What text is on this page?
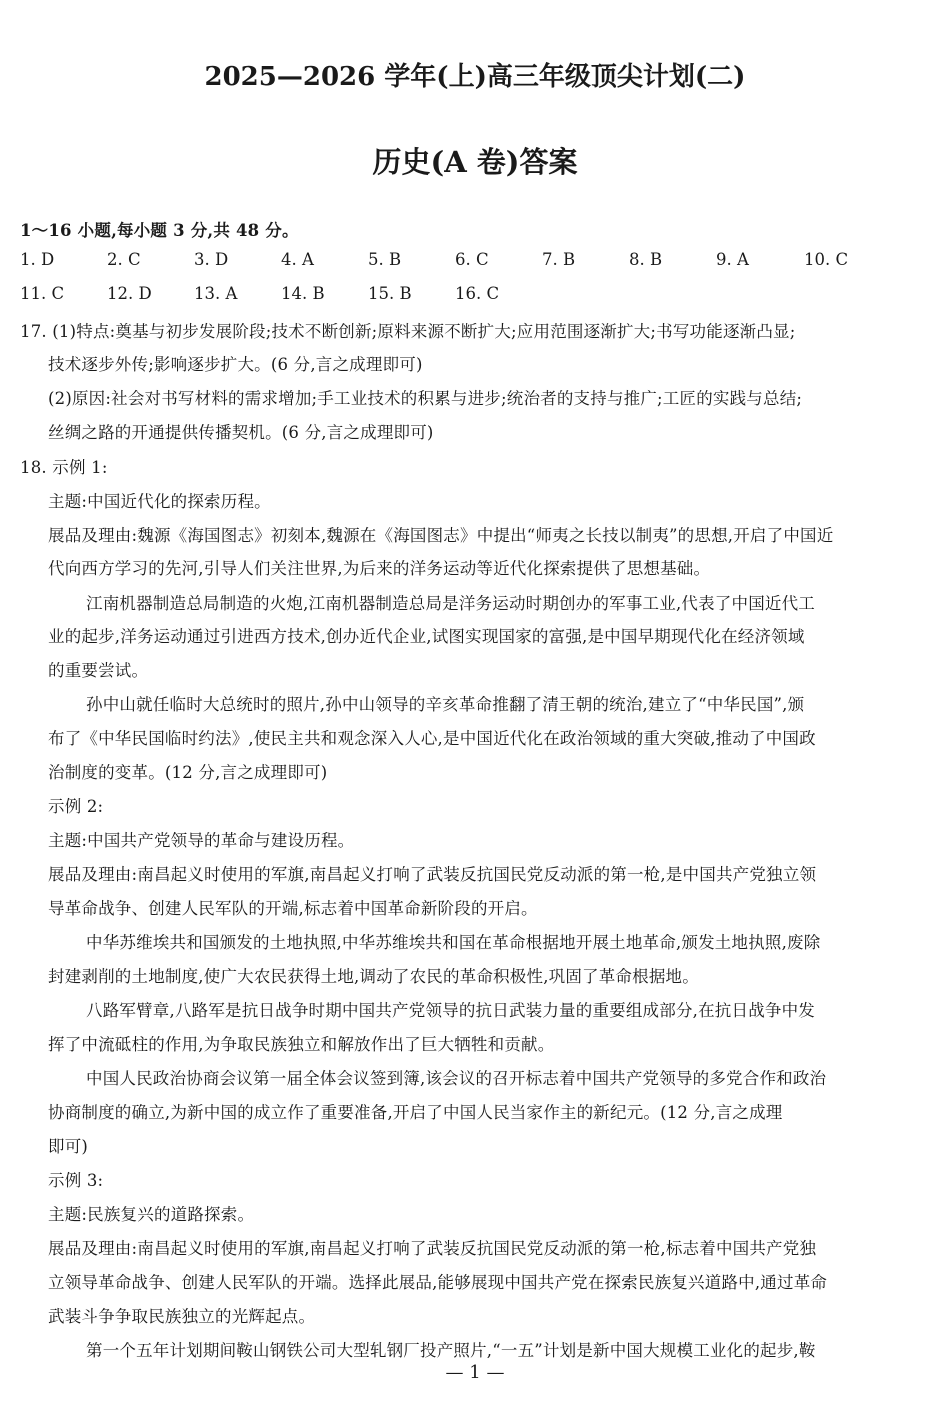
2025—2026 学年(上)高三年级顶尖计划(二)
历史(A 卷)答案
1～16 小题,每小题 3 分,共 48 分。
1. D	2. C	3. D	4. A	5. B	6. C	7. B	8. B	9. A	10. C
11. C	12. D	13. A	14. B	15. B	16. C
17. (1)特点:奠基与初步发展阶段;技术不断创新;原料来源不断扩大;应用范围逐渐扩大;书写功能逐渐凸显;
技术逐步外传;影响逐步扩大。(6 分,言之成理即可)
(2)原因:社会对书写材料的需求增加;手工业技术的积累与进步;统治者的支持与推广;工匠的实践与总结;
丝绸之路的开通提供传播契机。(6 分,言之成理即可)
18. 示例 1:
主题:中国近代化的探索历程。
展品及理由:魏源《海国图志》初刻本,魏源在《海国图志》中提出“师夷之长技以制夷”的思想,开启了中国近
代向西方学习的先河,引导人们关注世界,为后来的洋务运动等近代化探索提供了思想基础。
江南机器制造总局制造的火炮,江南机器制造总局是洋务运动时期创办的军事工业,代表了中国近代工
业的起步,洋务运动通过引进西方技术,创办近代企业,试图实现国家的富强,是中国早期现代化在经济领域
的重要尝试。
孙中山就任临时大总统时的照片,孙中山领导的辛亥革命推翻了清王朝的统治,建立了“中华民国”,颁
布了《中华民国临时约法》,使民主共和观念深入人心,是中国近代化在政治领域的重大突破,推动了中国政
治制度的变革。(12 分,言之成理即可)
示例 2:
主题:中国共产党领导的革命与建设历程。
展品及理由:南昌起义时使用的军旗,南昌起义打响了武装反抗国民党反动派的第一枪,是中国共产党独立领
导革命战争、创建人民军队的开端,标志着中国革命新阶段的开启。
中华苏维埃共和国颁发的土地执照,中华苏维埃共和国在革命根据地开展土地革命,颁发土地执照,废除
封建剥削的土地制度,使广大农民获得土地,调动了农民的革命积极性,巩固了革命根据地。
八路军臂章,八路军是抗日战争时期中国共产党领导的抗日武装力量的重要组成部分,在抗日战争中发
挥了中流砥柱的作用,为争取民族独立和解放作出了巨大牺牲和贡献。
中国人民政治协商会议第一届全体会议签到簿,该会议的召开标志着中国共产党领导的多党合作和政治
协商制度的确立,为新中国的成立作了重要准备,开启了中国人民当家作主的新纪元。(12 分,言之成理
即可)
示例 3:
主题:民族复兴的道路探索。
展品及理由:南昌起义时使用的军旗,南昌起义打响了武装反抗国民党反动派的第一枪,标志着中国共产党独
立领导革命战争、创建人民军队的开端。选择此展品,能够展现中国共产党在探索民族复兴道路中,通过革命
武装斗争争取民族独立的光辉起点。
第一个五年计划期间鞍山钢铁公司大型轧钢厂投产照片,“一五”计划是新中国大规模工业化的起步,鞍
— 1 —
